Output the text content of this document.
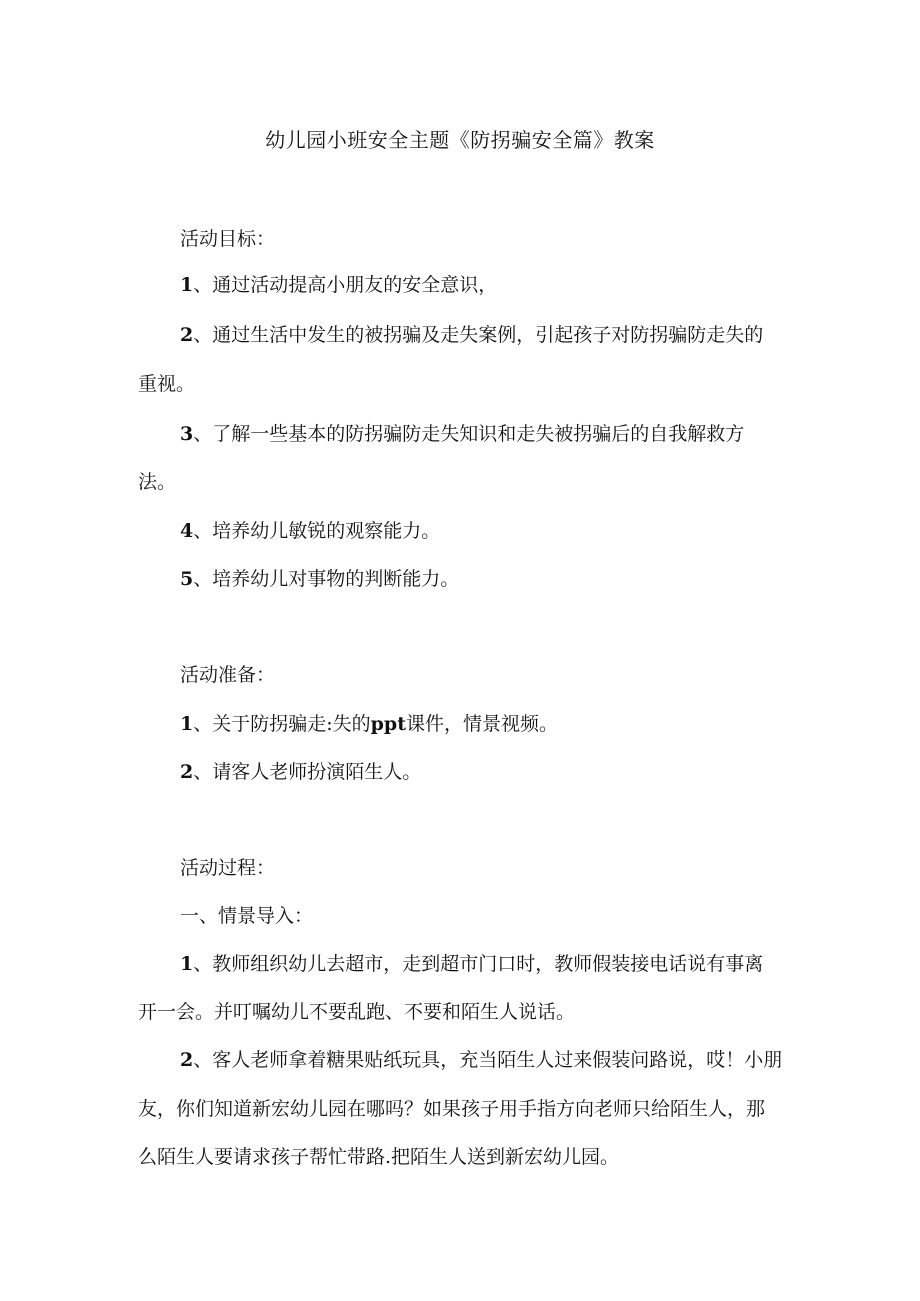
幼儿园小班安全主题《防拐骗安全篇》教案

活动目标：

1、通过活动提高小朋友的安全意识，

2、通过生活中发生的被拐骗及走失案例，引起孩子对防拐骗防走失的

重视。

3、了解一些基本的防拐骗防走失知识和走失被拐骗后的自我解救方

法。

4、培养幼儿敏锐的观察能力。

5、培养幼儿对事物的判断能力。

活动准备：

1、关于防拐骗走:失的ppt课件，情景视频。

2、请客人老师扮演陌生人。

活动过程：

一、情景导入：

1、教师组织幼儿去超市，走到超市门口时，教师假装接电话说有事离

开一会。并叮嘱幼儿不要乱跑、不要和陌生人说话。

2、客人老师拿着糖果贴纸玩具，充当陌生人过来假装问路说，哎！小朋

友，你们知道新宏幼儿园在哪吗？如果孩子用手指方向老师只给陌生人，那

么陌生人要请求孩子帮忙带路.把陌生人送到新宏幼儿园。
